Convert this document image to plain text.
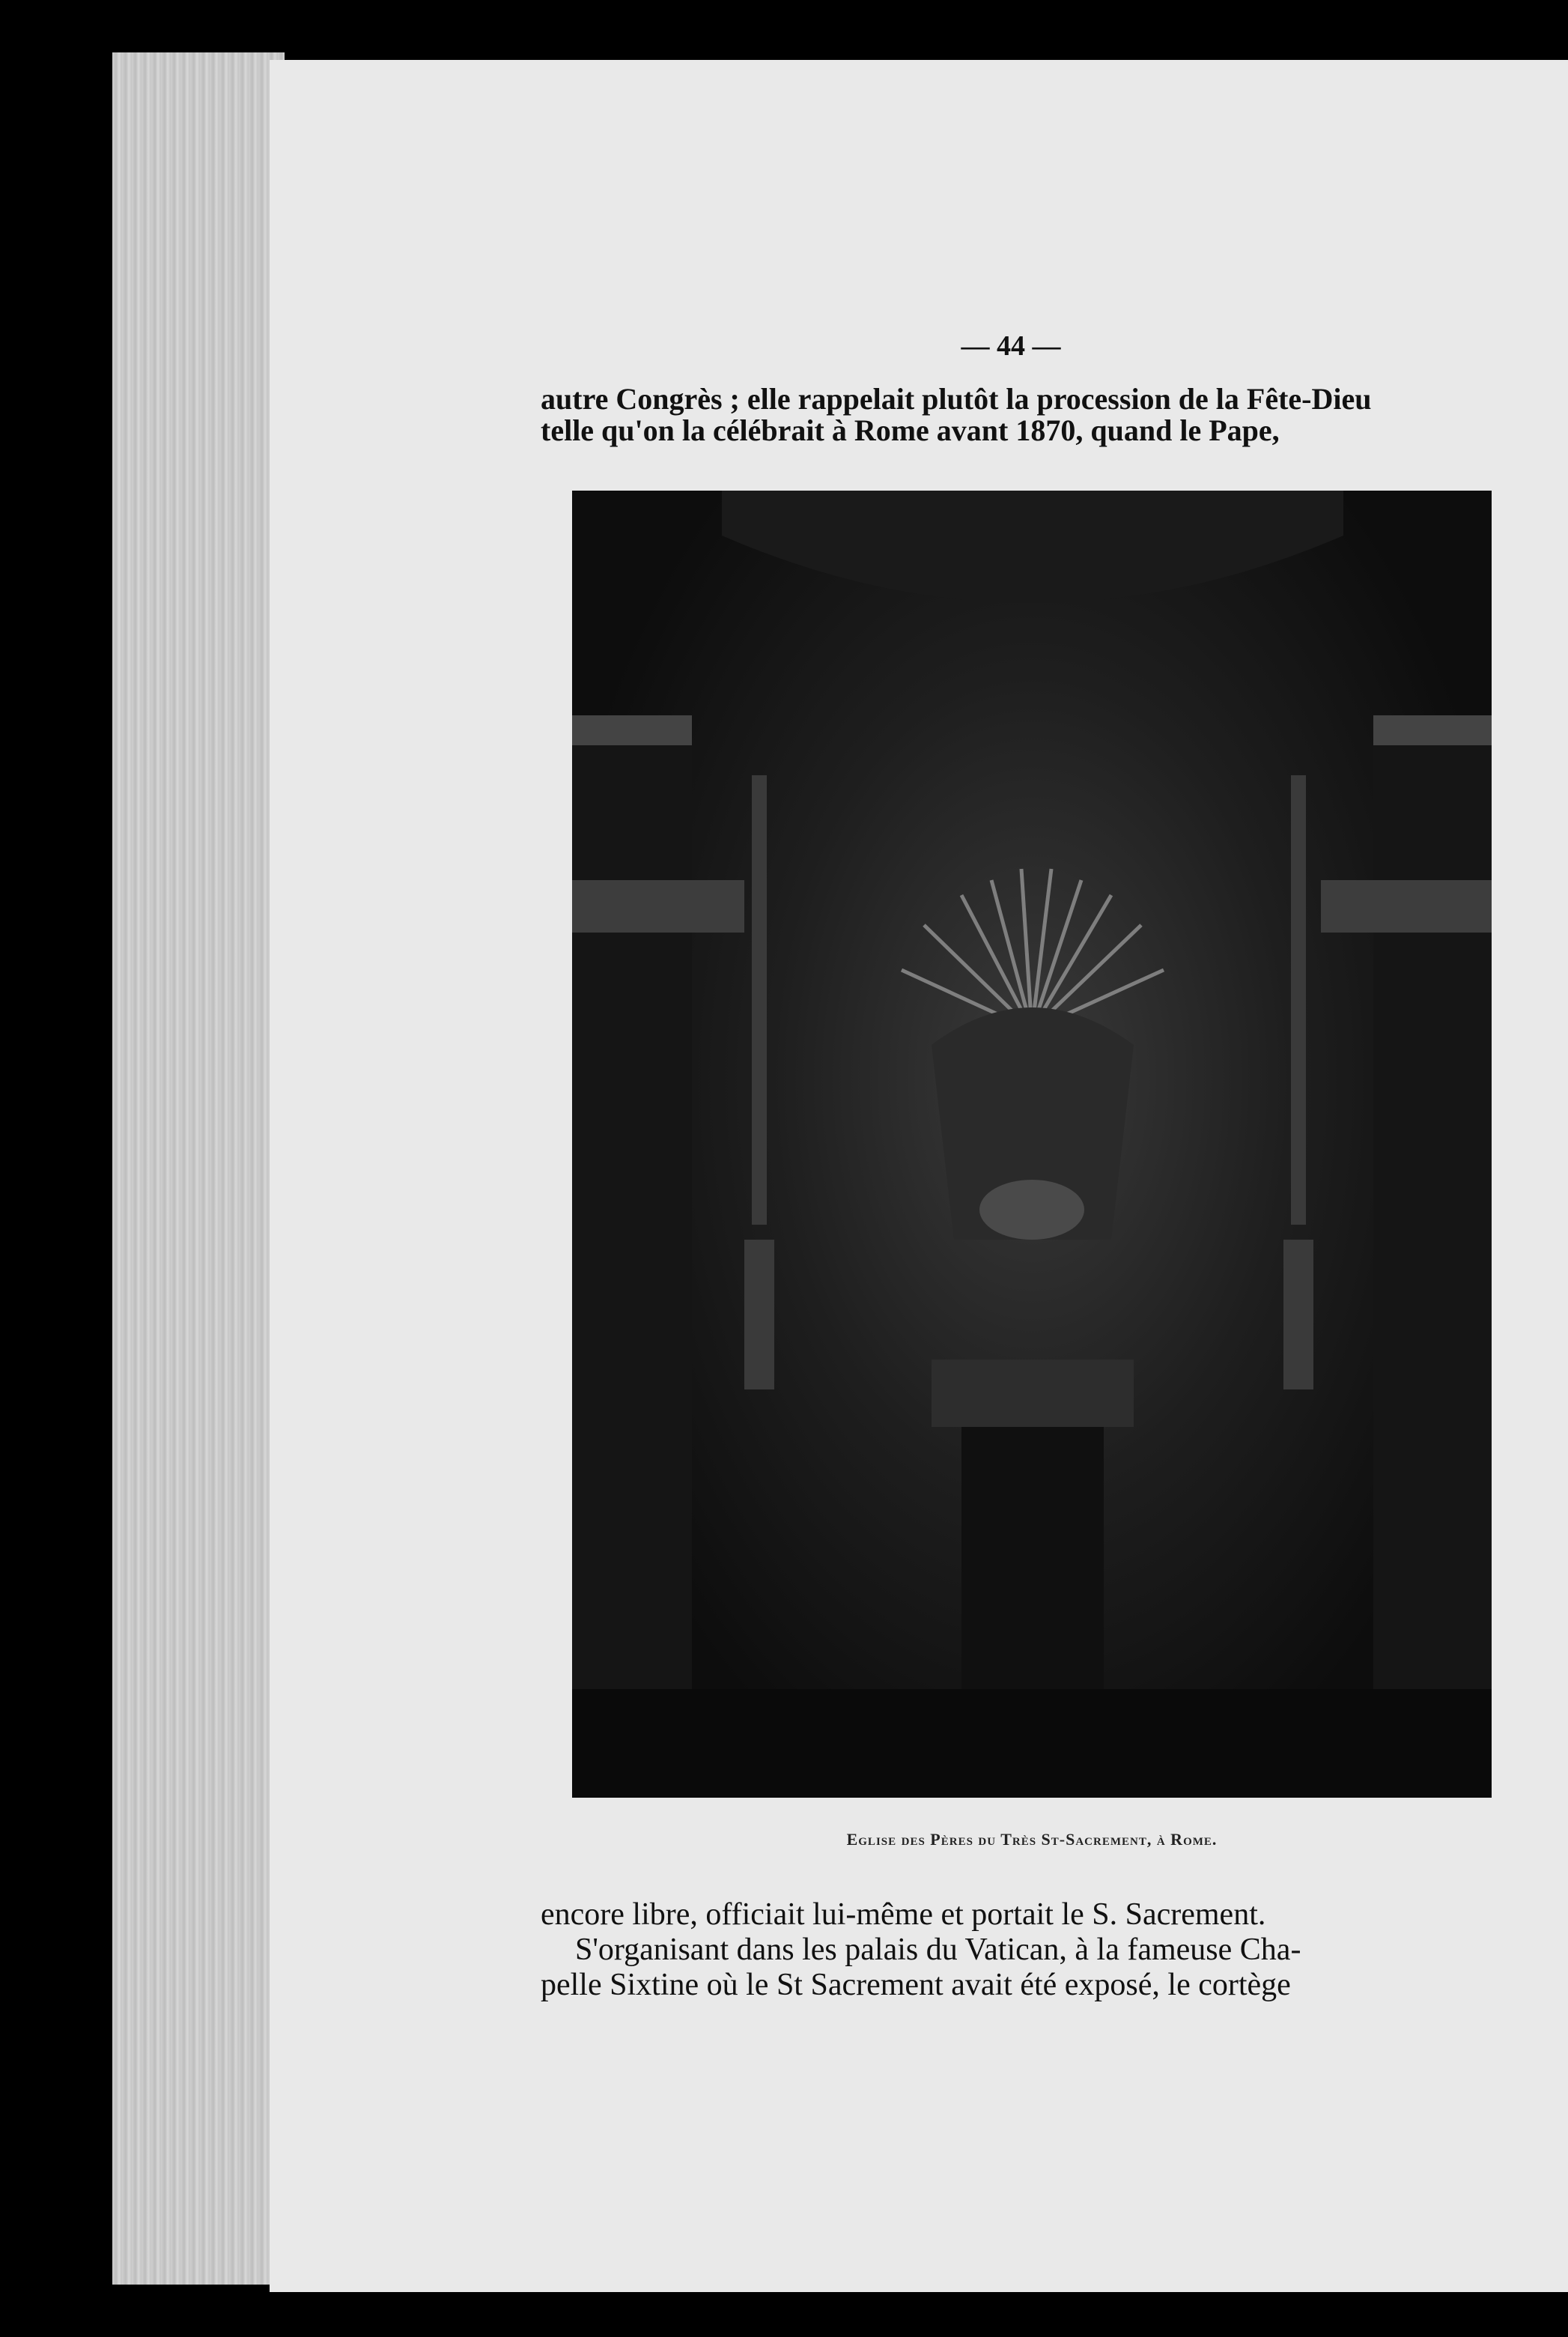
— 44 —
autre Congrès ; elle rappelait plutôt la procession de la Fête-Dieu
telle qu'on la célébrait à Rome avant 1870, quand le Pape,
Eglise des Pères du Très St-Sacrement, à Rome.
encore libre, officiait lui-même et portait le S. Sacrement.
S'organisant dans les palais du Vatican, à la fameuse Cha-
pelle Sixtine où le St Sacrement avait été exposé, le cortège
